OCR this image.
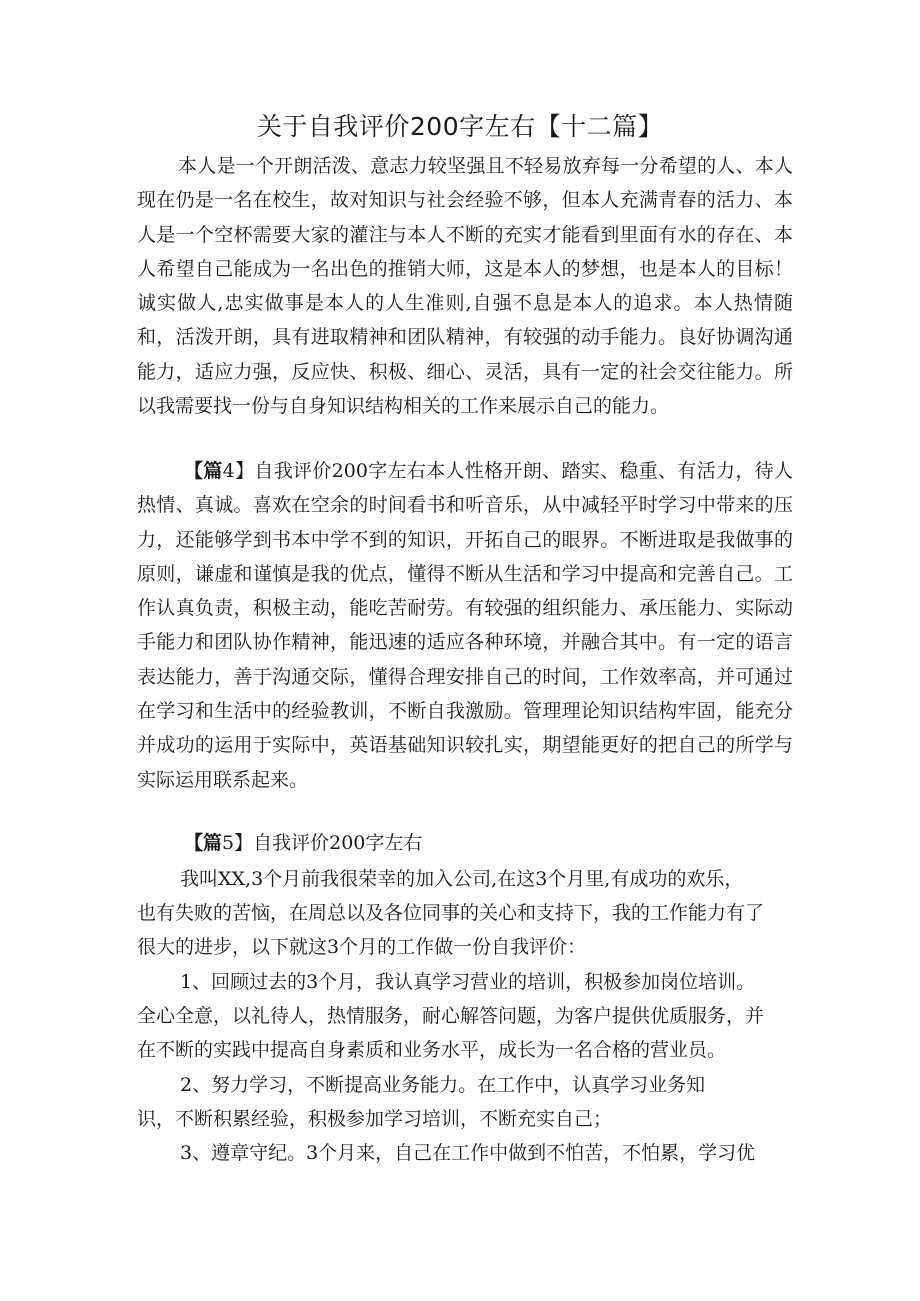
关于自我评价200字左右【十二篇】

本人是一个开朗活泼、意志力较坚强且不轻易放弃每一分希望的人、本人现在仍是一名在校生，故对知识与社会经验不够，但本人充满青春的活力、本人是一个空杯需要大家的灌注与本人不断的充实才能看到里面有水的存在、本人希望自己能成为一名出色的推销大师，这是本人的梦想，也是本人的目标！诚实做人,忠实做事是本人的人生准则,自强不息是本人的追求。本人热情随和，活泼开朗，具有进取精神和团队精神，有较强的动手能力。良好协调沟通能力，适应力强，反应快、积极、细心、灵活，具有一定的社会交往能力。所以我需要找一份与自身知识结构相关的工作来展示自己的能力。

【篇4】自我评价200字左右本人性格开朗、踏实、稳重、有活力，待人热情、真诚。喜欢在空余的时间看书和听音乐，从中减轻平时学习中带来的压力，还能够学到书本中学不到的知识，开拓自己的眼界。不断进取是我做事的原则，谦虚和谨慎是我的优点，懂得不断从生活和学习中提高和完善自己。工作认真负责，积极主动，能吃苦耐劳。有较强的组织能力、承压能力、实际动手能力和团队协作精神，能迅速的适应各种环境，并融合其中。有一定的语言表达能力，善于沟通交际，懂得合理安排自己的时间，工作效率高，并可通过在学习和生活中的经验教训，不断自我激励。管理理论知识结构牢固，能充分并成功的运用于实际中，英语基础知识较扎实，期望能更好的把自己的所学与实际运用联系起来。

【篇5】自我评价200字左右

我叫XX,3个月前我很荣幸的加入公司,在这3个月里,有成功的欢乐，
也有失败的苦恼，在周总以及各位同事的关心和支持下，我的工作能力有了
很大的进步，以下就这3个月的工作做一份自我评价：
1、回顾过去的3个月，我认真学习营业的培训，积极参加岗位培训。
全心全意，以礼待人，热情服务，耐心解答问题，为客户提供优质服务，并
在不断的实践中提高自身素质和业务水平，成长为一名合格的营业员。
2、努力学习，不断提高业务能力。在工作中，认真学习业务知
识，不断积累经验，积极参加学习培训，不断充实自己；
3、遵章守纪。3个月来，自己在工作中做到不怕苦，不怕累，学习优
